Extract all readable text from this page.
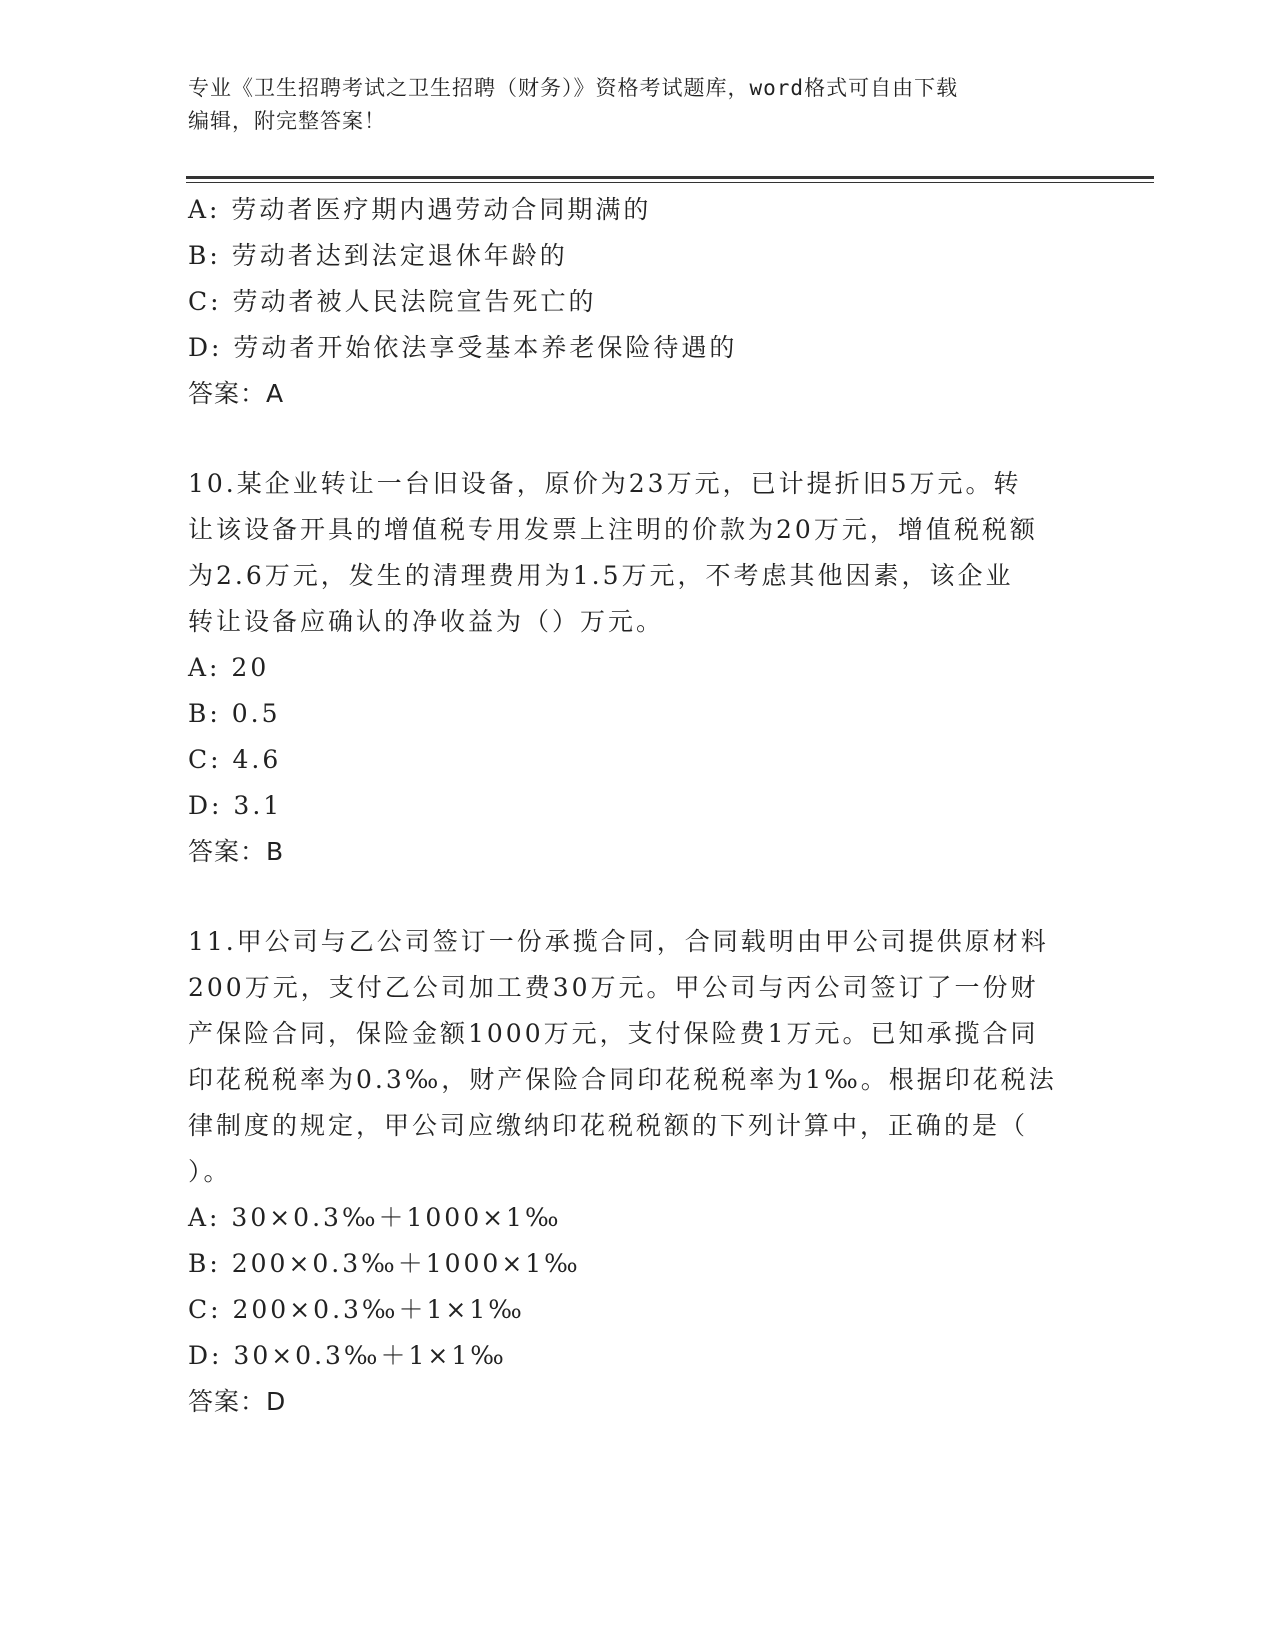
专业《卫生招聘考试之卫生招聘（财务）》资格考试题库，word格式可自由下载
编辑，附完整答案！

A: 劳动者医疗期内遇劳动合同期满的

B: 劳动者达到法定退休年龄的

C: 劳动者被人民法院宣告死亡的

D: 劳动者开始依法享受基本养老保险待遇的

答案：A

10.某企业转让一台旧设备，原价为23万元，已计提折旧5万元。转

让该设备开具的增值税专用发票上注明的价款为20万元，增值税税额

为2.6万元，发生的清理费用为1.5万元，不考虑其他因素，该企业

转让设备应确认的净收益为（）万元。

A: 20

B: 0.5

C: 4.6

D: 3.1

答案：B

11.甲公司与乙公司签订一份承揽合同，合同载明由甲公司提供原材料

200万元，支付乙公司加工费30万元。甲公司与丙公司签订了一份财

产保险合同，保险金额1000万元，支付保险费1万元。已知承揽合同

印花税税率为0.3‰，财产保险合同印花税税率为1‰。根据印花税法

律制度的规定，甲公司应缴纳印花税税额的下列计算中，正确的是（

）。

A: 30×0.3‰＋1000×1‰

B: 200×0.3‰＋1000×1‰

C: 200×0.3‰＋1×1‰

D: 30×0.3‰＋1×1‰

答案：D
